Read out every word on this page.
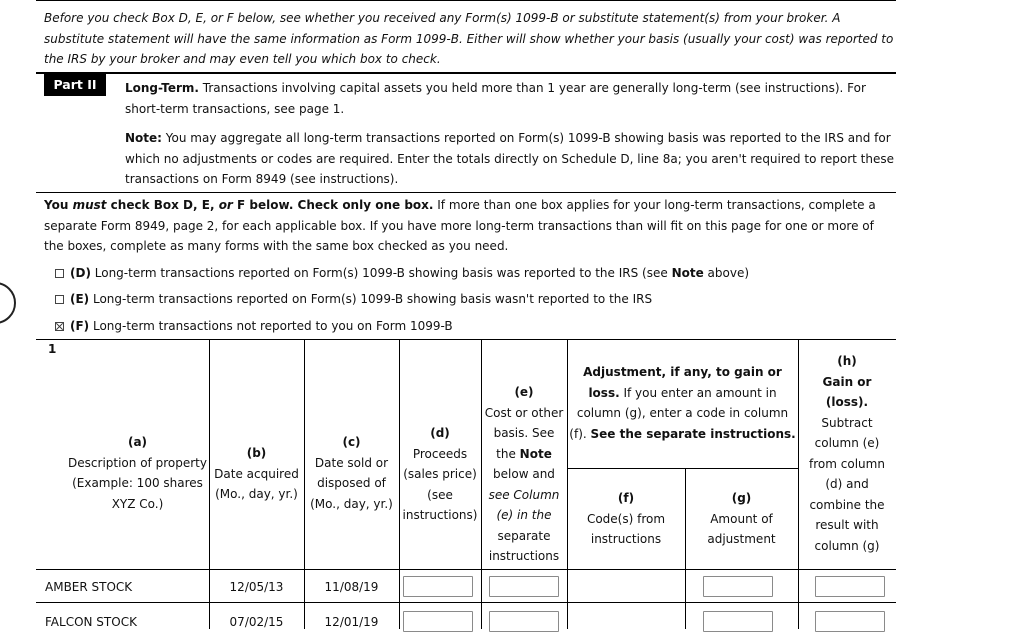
Before you check Box D, E, or F below, see whether you received any Form(s) 1099-B or substitute statement(s) from your broker. A substitute statement will have the same information as Form 1099-B. Either will show whether your basis (usually your cost) was reported to the IRS by your broker and may even tell you which box to check.
Part II	Long-Term. Transactions involving capital assets you held more than 1 year are generally long-term (see instructions). For short-term transactions, see page 1.
Note: You may aggregate all long-term transactions reported on Form(s) 1099-B showing basis was reported to the IRS and for which no adjustments or codes are required. Enter the totals directly on Schedule D, line 8a; you aren't required to report these transactions on Form 8949 (see instructions).
You must check Box D, E, or F below. Check only one box. If more than one box applies for your long-term transactions, complete a separate Form 8949, page 2, for each applicable box. If you have more long-term transactions than will fit on this page for one or more of the boxes, complete as many forms with the same box checked as you need.
(D) Long-term transactions reported on Form(s) 1099-B showing basis was reported to the IRS (see Note above)
(E) Long-term transactions reported on Form(s) 1099-B showing basis wasn't reported to the IRS
(F) Long-term transactions not reported to you on Form 1099-B
1
(a)
Description of property
(Example: 100 shares
XYZ Co.)
(b)
Date acquired
(Mo., day, yr.)
(c)
Date sold or
disposed of
(Mo., day, yr.)
(d)
Proceeds
(sales price)
(see
instructions)
(e)
Cost or other
basis. See
the Note
below and
see Column
(e) in the
separate
instructions
Adjustment, if any, to gain or
loss. If you enter an amount in
column (g), enter a code in column
(f). See the separate instructions.
(f)
Code(s) from
instructions
(g)
Amount of
adjustment
(h)
Gain or
(loss).
Subtract
column (e)
from column
(d) and
combine the
result with
column (g)
AMBER STOCK	12/05/13	11/08/19
FALCON STOCK	07/02/15	12/01/19
